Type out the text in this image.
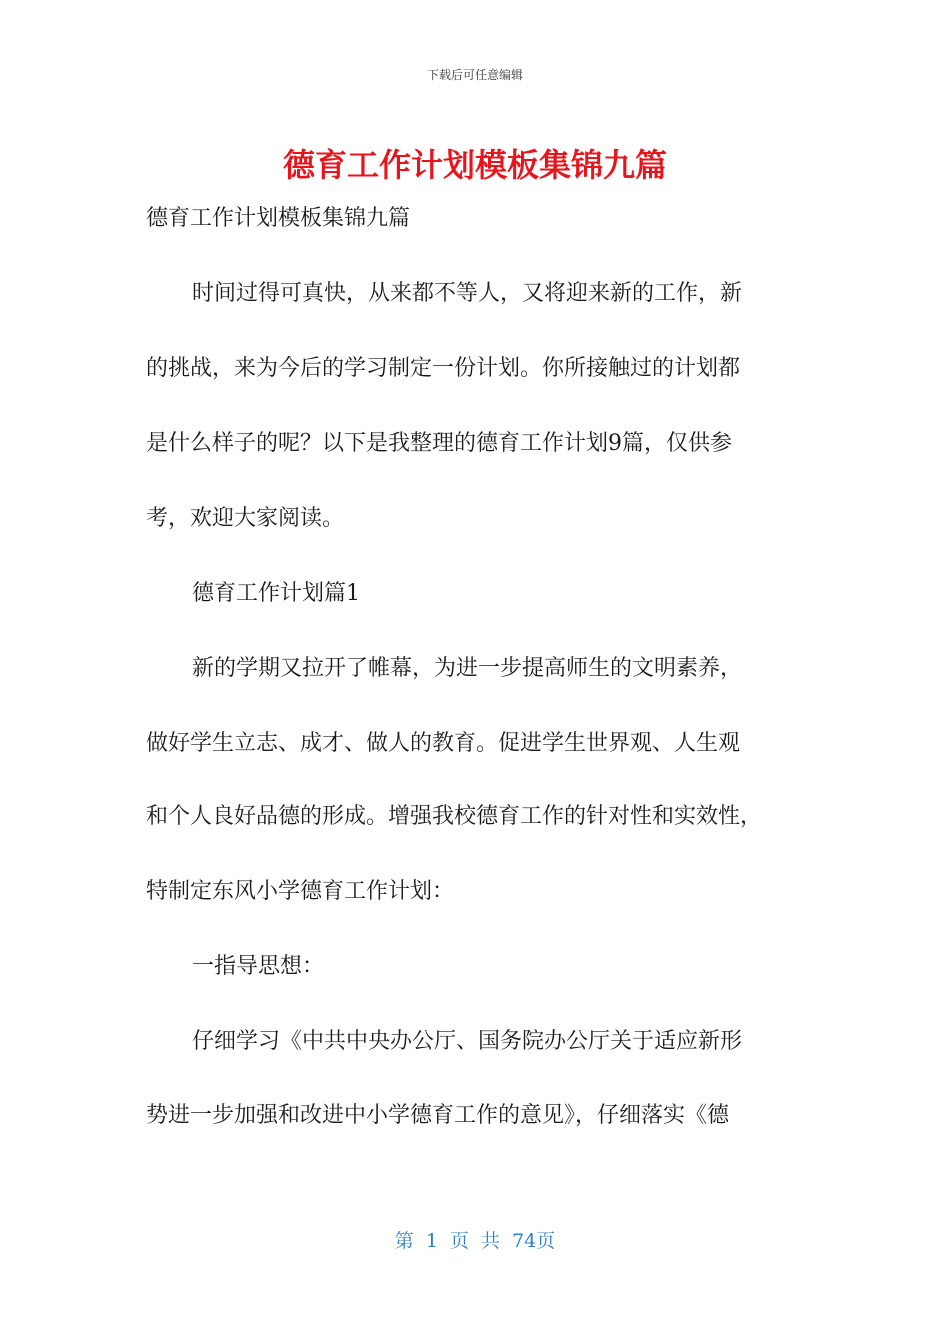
下载后可任意编辑
德育工作计划模板集锦九篇
德育工作计划模板集锦九篇
时间过得可真快，从来都不等人，又将迎来新的工作，新
的挑战，来为今后的学习制定一份计划。你所接触过的计划都
是什么样子的呢？以下是我整理的德育工作计划9篇，仅供参
考，欢迎大家阅读。
德育工作计划篇1
新的学期又拉开了帷幕，为进一步提高师生的文明素养，
做好学生立志、成才、做人的教育。促进学生世界观、人生观
和个人良好品德的形成。增强我校德育工作的针对性和实效性，
特制定东风小学德育工作计划：
一指导思想：
仔细学习《中共中央办公厅、国务院办公厅关于适应新形
势进一步加强和改进中小学德育工作的意见》，仔细落实《德
第 1 页 共 74页
